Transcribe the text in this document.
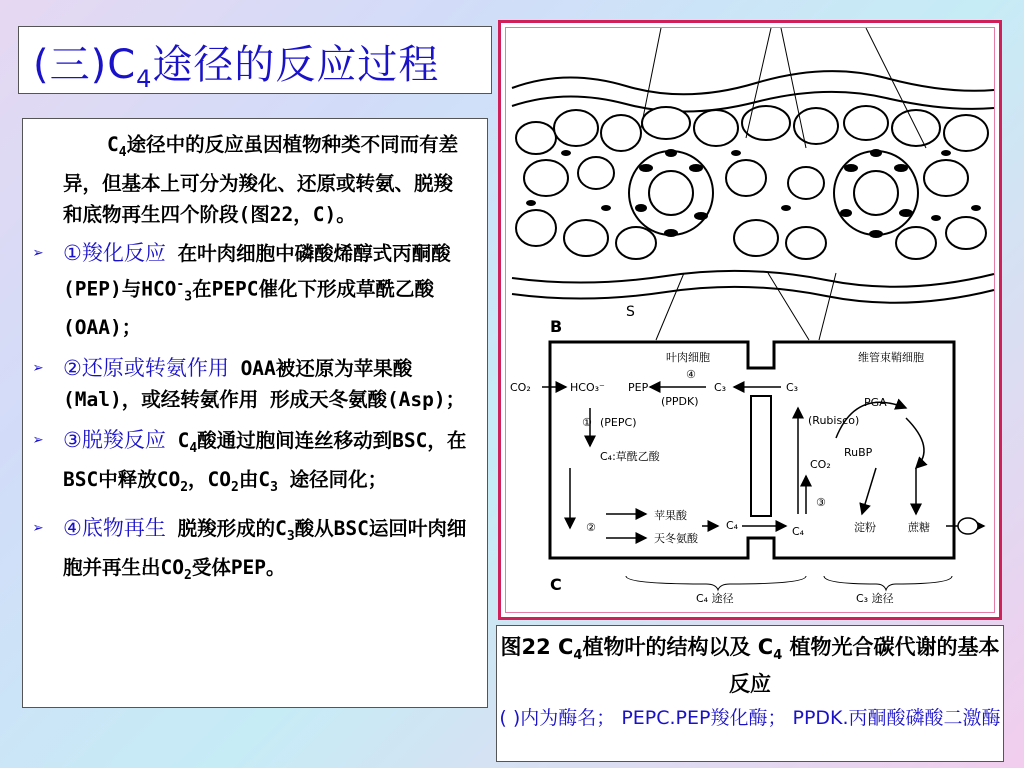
(三)$C_4$途径的反应过程

$C_4$途径中的反应虽因植物种类不同而有差异，但基本上可分为羧化、还原或转氨、脱羧和底物再生四个阶段(图22，C)。

➢ ①羧化反应 在叶肉细胞中磷酸烯醇式丙酮酸(PEP)与$HCO^-_3$在PEPC催化下形成草酰乙酸(OAA)；
➢ ②还原或转氨作用 OAA被还原为苹果酸(Mal)，或经转氨作用 形成天冬氨酸(Asp)；
➢ ③脱羧反应 $C_4$酸通过胞间连丝移动到BSC，在BSC中释放$CO_2$，$CO_2$由$C_3$ 途径同化；
➢ ④底物再生 脱羧形成的$C_3$酸从BSC运回叶肉细胞并再生出$CO_2$受体PEP。
S
B
叶肉细胞	维管束鞘细胞
CO₂	HCO₃⁻ PEP	C₃	C₃
(PPDK)
④
(PEPC)
①
C₄:草酰乙酸
苹果酸
天冬氨酸
②	C₄	C₄
(Rubisco)
PGA
RuBP
CO₂
③
淀粉	蔗糖
C₄ 途径	C₃ 途径
C
图22 $C_4$植物叶的结构以及 $C_4$ 植物光合碳代谢的基本反应
( )内为酶名； PEPC.PEP羧化酶； PPDK.丙酮酸磷酸二激酶
